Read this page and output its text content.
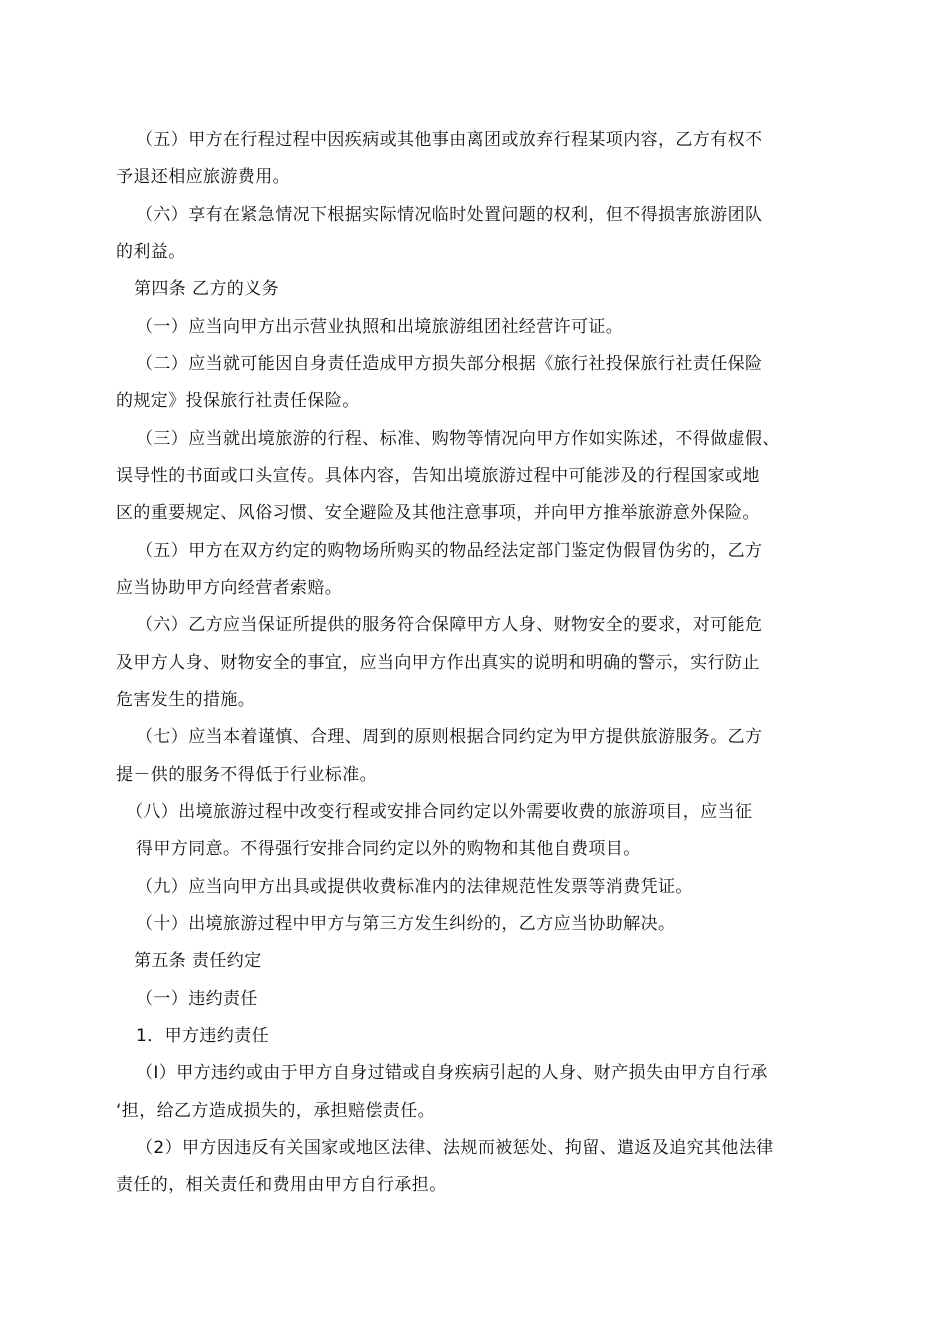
（五）甲方在行程过程中因疾病或其他事由离团或放弃行程某项内容，乙方有权不
予退还相应旅游费用。
（六）享有在紧急情况下根据实际情况临时处置问题的权利，但不得损害旅游团队
的利益。
第四条 乙方的义务
（一）应当向甲方出示营业执照和出境旅游组团社经营许可证。
（二）应当就可能因自身责任造成甲方损失部分根据《旅行社投保旅行社责任保险
的规定》投保旅行社责任保险。
（三）应当就出境旅游的行程、标准、购物等情况向甲方作如实陈述，不得做虚假、
误导性的书面或口头宣传。具体内容，告知出境旅游过程中可能涉及的行程国家或地
区的重要规定、风俗习惯、安全避险及其他注意事项，并向甲方推举旅游意外保险。
（五）甲方在双方约定的购物场所购买的物品经法定部门鉴定伪假冒伪劣的，乙方
应当协助甲方向经营者索赔。
（六）乙方应当保证所提供的服务符合保障甲方人身、财物安全的要求，对可能危
及甲方人身、财物安全的事宜，应当向甲方作出真实的说明和明确的警示，实行防止
危害发生的措施。
（七）应当本着谨慎、合理、周到的原则根据合同约定为甲方提供旅游服务。乙方
提－供的服务不得低于行业标准。
（八）出境旅游过程中改变行程或安排合同约定以外需要收费的旅游项目，应当征
得甲方同意。不得强行安排合同约定以外的购物和其他自费项目。
（九）应当向甲方出具或提供收费标准内的法律规范性发票等消费凭证。
（十）出境旅游过程中甲方与第三方发生纠纷的，乙方应当协助解决。
第五条 责任约定
（一）违约责任
1．甲方违约责任
（I）甲方违约或由于甲方自身过错或自身疾病引起的人身、财产损失由甲方自行承
‘担，给乙方造成损失的，承担赔偿责任。
（2）甲方因违反有关国家或地区法律、法规而被惩处、拘留、遣返及追究其他法律
责任的，相关责任和费用由甲方自行承担。
